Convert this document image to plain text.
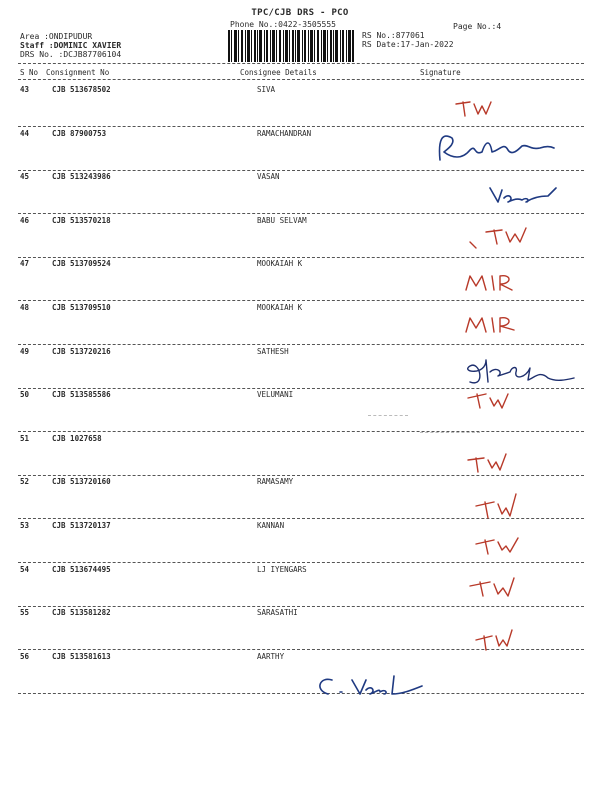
TPC/CJB DRS - PCO
Phone No.:0422-3505555	Page No.:4
Area :ONDIPUDUR
Staff :DOMINIC XAVIER
DRS No. :DCJB87706104
RS No.:877061
RS Date:17-Jan-2022
S No Consignment No	Consignee Details	Signature
43	CJB 513678502	SIVA
44	CJB 87900753	RAMACHANDRAN
45	CJB 513243986	VASAN
46	CJB 513570218	BABU SELVAM
47	CJB 513709524	MOOKAIAH K
48	CJB 513709510	MOOKAIAH K
49	CJB 513720216	SATHESH
50	CJB 513585586	VELUMANI
51	CJB 1027658
52	CJB 513720160	RAMASAMY
53	CJB 513720137	KANNAN
54	CJB 513674495	LJ IYENGARS
55	CJB 513581282	SARASATHI
56	CJB 513581613	AARTHY
